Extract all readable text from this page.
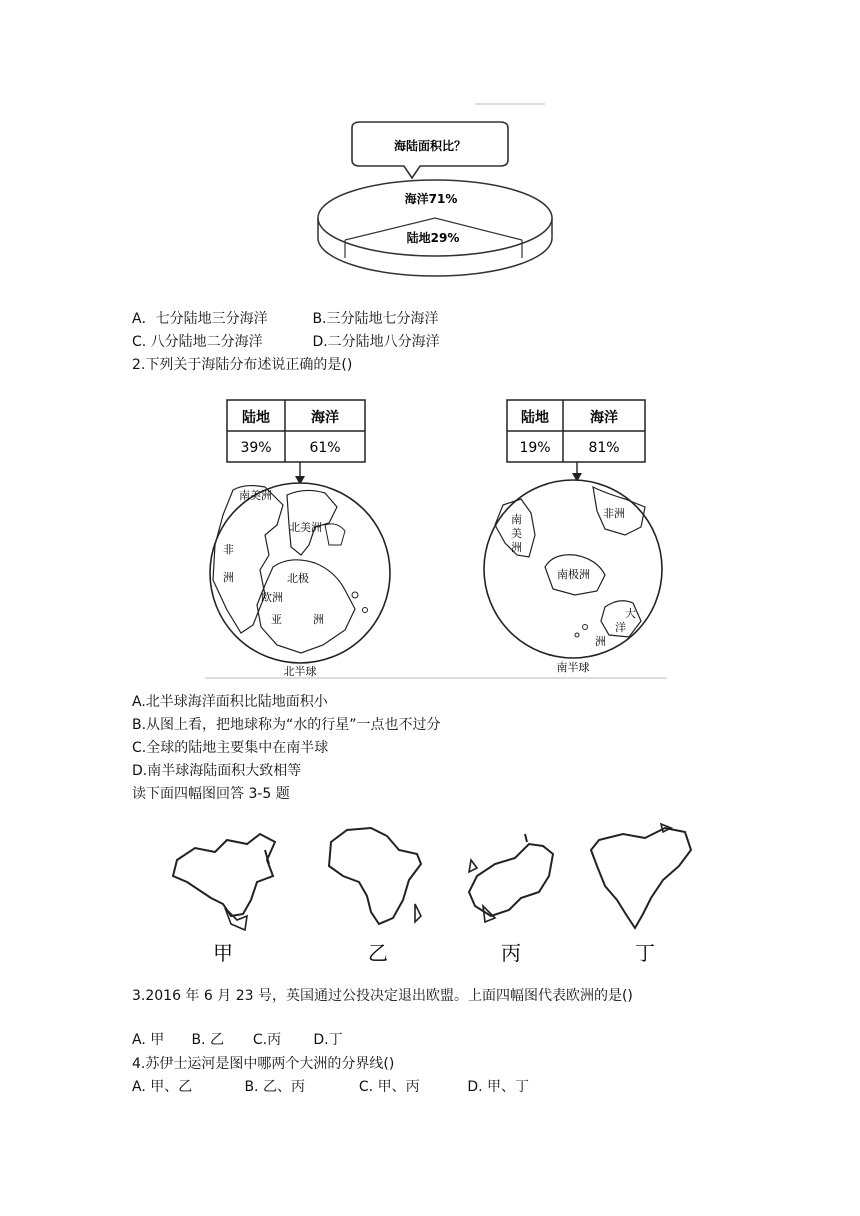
海陆面积比？
海洋71%
陆地29%
A．七分陆地三分海洋	B.三分陆地七分海洋
C. 八分陆地二分海洋	D.二分陆地八分海洋
2.下列关于海陆分布述说正确的是()
陆地	海洋
39%	61%
南美洲
北美洲
北极
非
洲
欧洲
亚	洲
北半球
陆地	海洋
19%	81%
南
美
洲
非洲
南极洲
大
洋
洲
南半球
A.北半球海洋面积比陆地面积小
B.从图上看，把地球称为“水的行星”一点也不过分
C.全球的陆地主要集中在南半球
D.南半球海陆面积大致相等
读下面四幅图回答 3-5 题
甲	乙	丙	丁
3.2016 年 6 月 23 号，英国通过公投决定退出欧盟。上面四幅图代表欧洲的是()
A. 甲 B. 乙 C.丙 D.丁
4.苏伊士运河是图中哪两个大洲的分界线()
A. 甲、乙	B. 乙、丙	C. 甲、丙	D. 甲、丁
